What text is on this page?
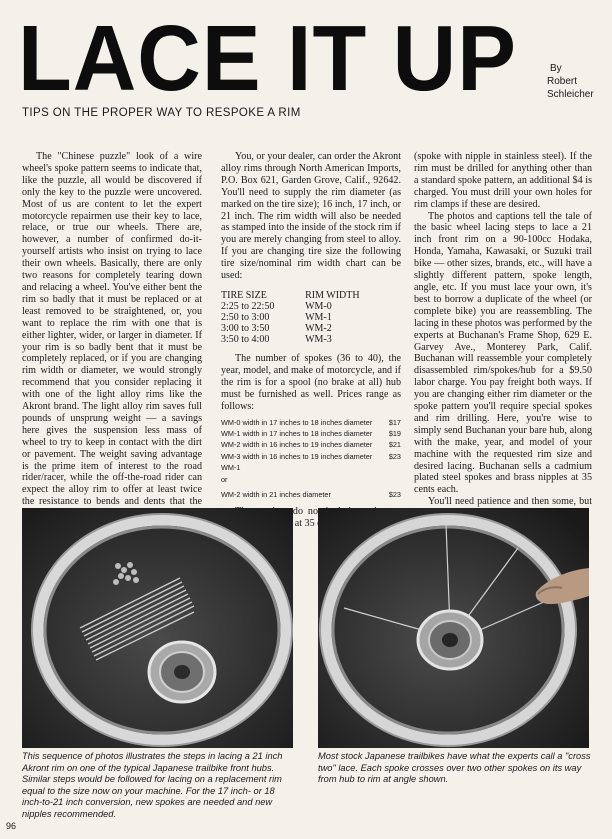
LACE IT UP	By
Robert Schleicher
TIPS ON THE PROPER WAY TO RESPOKE A RIM

The "Chinese puzzle" look of a wire wheel's spoke pattern seems to indicate that, like the puzzle, all would be discovered if only the key to the puzzle were uncovered. Most of us are content to let the expert motorcycle repairmen use their key to lace, relace, or true our wheels. There are, however, a number of confirmed do-it-yourself artists who insist on trying to lace their own wheels. Basically, there are only two reasons for completely tearing down and relacing a wheel. You've either bent the rim so badly that it must be replaced or at least removed to be straightened, or, you want to replace the rim with one that is either lighter, wider, or larger in diameter. If your rim is so badly bent that it must be completely replaced, or if you are changing rim width or diameter, we would strongly recommend that you consider replacing it with one of the light alloy rims like the Akront brand. The light alloy rim saves full pounds of unsprung weight — a savings here gives the suspension less mass of wheel to try to keep in contact with the dirt or pavement. The weight saving advantage is the prime item of interest to the road rider/racer, while the off-the-road rider can expect the alloy rim to offer at least twice the resistance to bends and dents that the

You, or your dealer, can order the Akront alloy rims through North American Imports, P.O. Box 621, Garden Grove, Calif., 92642. You'll need to supply the rim diameter (as marked on the tire size); 16 inch, 17 inch, or 21 inch. The rim width will also be needed as stamped into the inside of the stock rim if you are merely changing from steel to alloy. If you are changing tire size the following tire size/nominal rim width chart can be used:

TIRE SIZE	RIM WIDTH
2:25 to 22:50	WM-0
2:50 to 3:00	WM-1
3:00 to 3:50	WM-2
3:50 to 4:00	WM-3

The number of spokes (36 to 40), the year, model, and make of motorcycle, and if the rim is for a spool (no brake at all) hub must be furnished as well. Prices range as follows:

WM-0 width in 17 inches to 18 inches diameter $17
WM-1 width in 17 inches to 18 inches diameter $19
WM-2 width in 16 inches to 19 inches diameter $21
WM-3 width in 16 inches to 19 inches diameter $23
WM-1
or
WM-2 width in 21 inches diameter	$23

do not at 35

(spoke with nipple in stainless steel). If the rim must be drilled for anything other than a standard spoke pattern, an additional $4 is charged. You must drill your own holes for rim clamps if these are desired.

The photos and captions tell the tale of the basic wheel lacing steps to lace a 21 inch front rim on a 90-100cc Hodaka, Honda, Yamaha, Kawasaki, or Suzuki trail bike — other sizes, brands, etc., will have a slightly different pattern, spoke length, angle, etc. If you must lace your own, it's best to borrow a duplicate of the wheel (or complete bike) you are reassembling. The lacing in these photos was performed by the experts at Buchanan's Frame Shop, 629 E. Garvey Ave., Monterey Park, Calif. Buchanan will reassemble your completely disassembled rim/spokes/hub for a $9.50 labor charge. You pay freight both ways. If you are changing either rim diameter or the spoke pattern you'll require special spokes and rim drilling. Here, you're wise to simply send Buchanan your bare hub, along with the make, year, and model of your machine with the requested rim size and desired lacing. Buchanan sells a cadmium plated steel spokes and brass nipples at 35 cents each.

You'll need patience and then some, but

This sequence of photos illustrates the steps in lacing a 21 inch Akront rim on one of the typical Japanese trailbike front hubs. Similar steps would be followed for lacing on a replacement rim equal to the size now on your machine. For the 17 inch- or 18 inch-to-21 inch conversion, new spokes are needed and new nipples recommended.
Most stock Japanese trailbikes have what the experts call a "cross two" lace. Each spoke crosses over two other spokes on its way from hub to rim at angle shown.
96
